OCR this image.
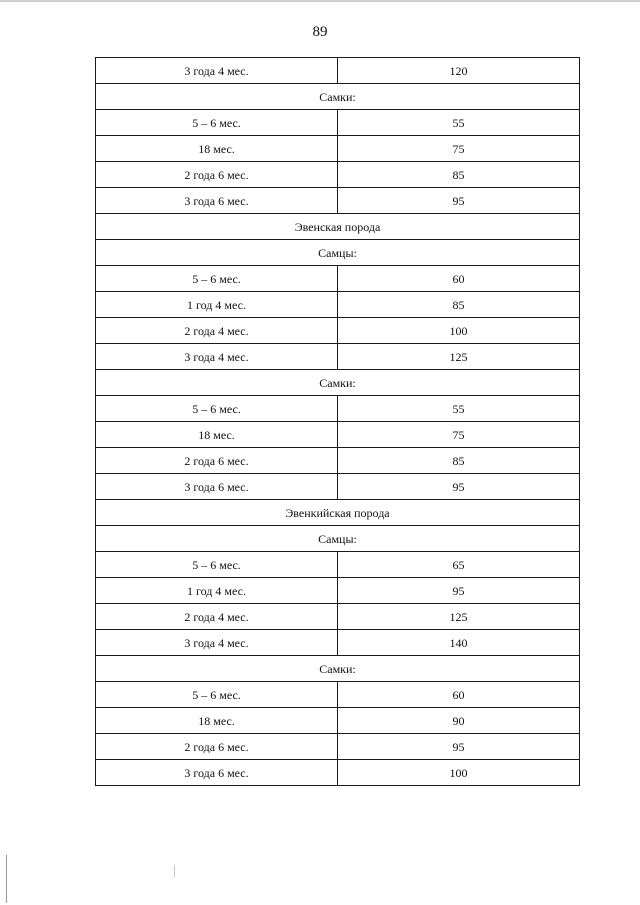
89
3 года 4 мес.	120
Самки:	
5 – 6 мес.	55
18 мес.	75
2 года 6 мес.	85
3 года 6 мес.	95
Эвенская порода	
Самцы:	
5 – 6 мес.	60
1 год 4 мес.	85
2 года 4 мес.	100
3 года 4 мес.	125
Самки:	
5 – 6 мес.	55
18 мес.	75
2 года 6 мес.	85
3 года 6 мес.	95
Эвенкийская порода	
Самцы:	
5 – 6 мес.	65
1 год 4 мес.	95
2 года 4 мес.	125
3 года 4 мес.	140
Самки:	
5 – 6 мес.	60
18 мес.	90
2 года 6 мес.	95
3 года 6 мес.	100
